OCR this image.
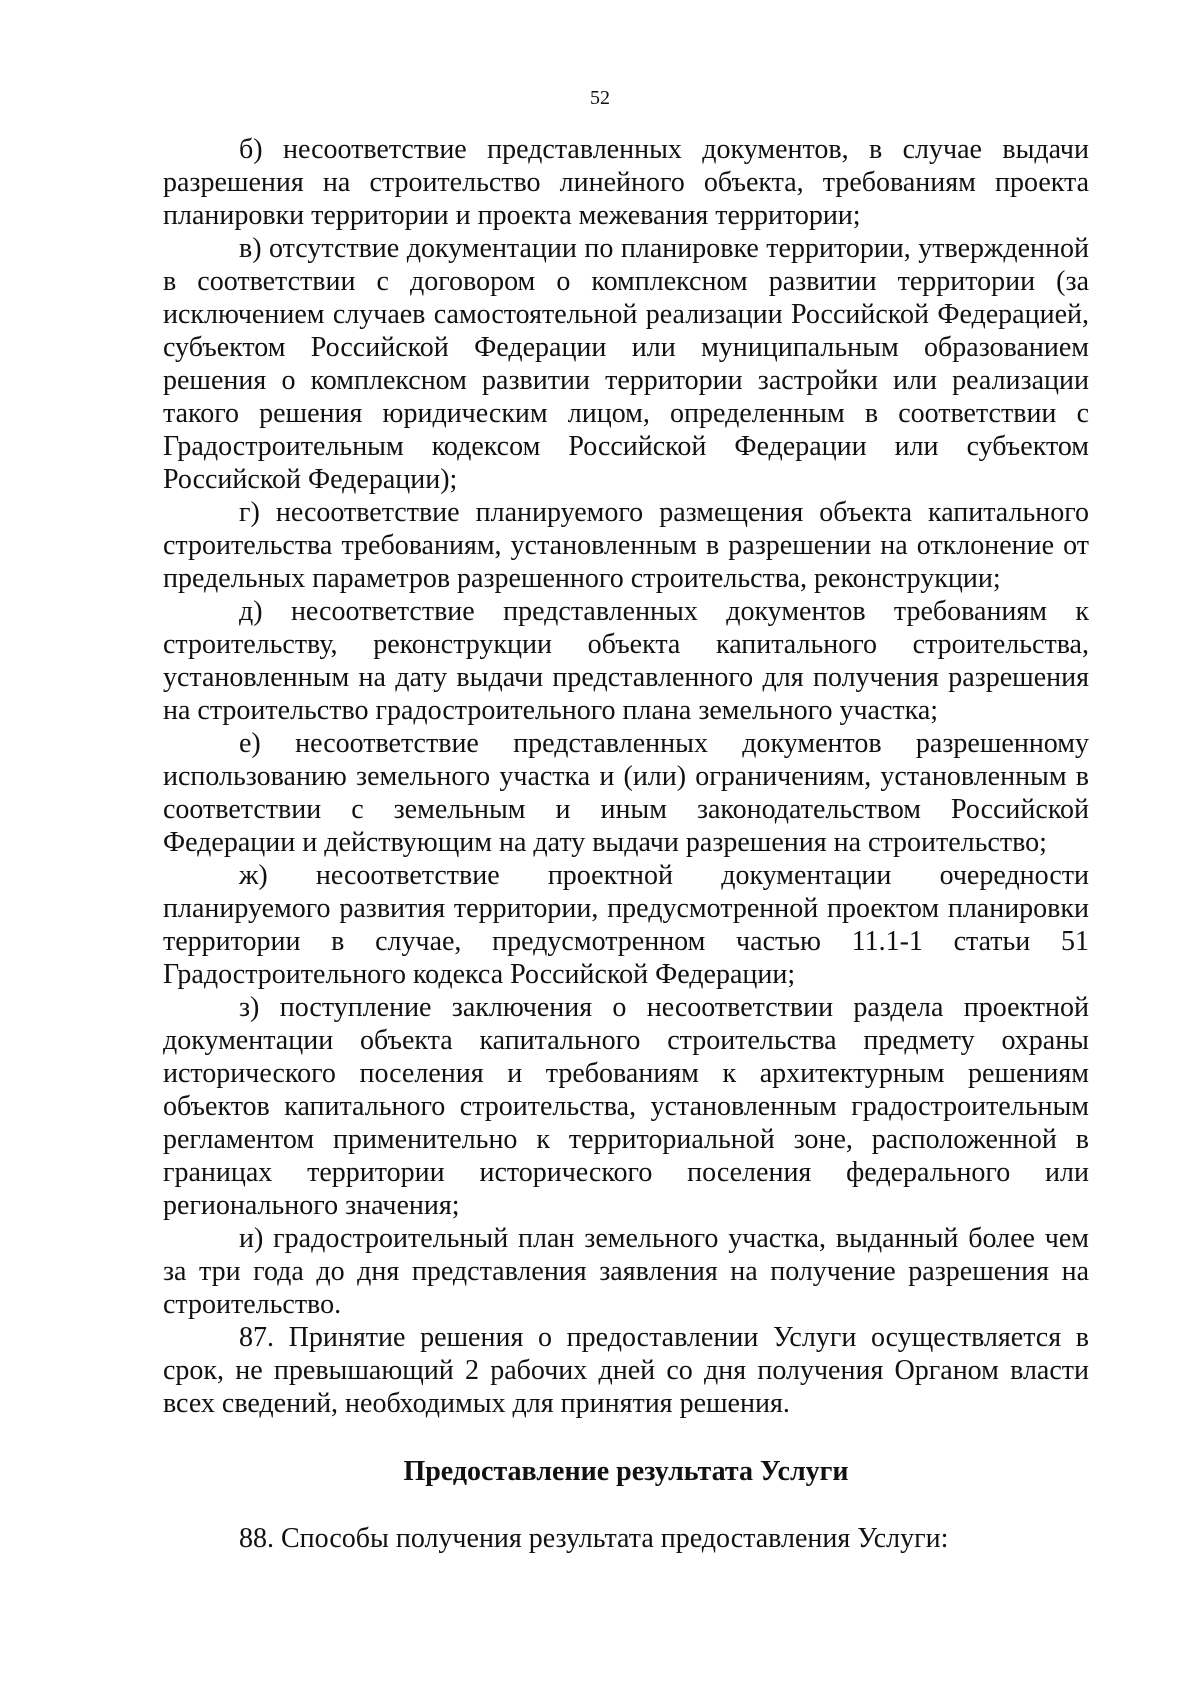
52

б) несоответствие представленных документов, в случае выдачи разрешения на строительство линейного объекта, требованиям проекта планировки территории и проекта межевания территории;

в) отсутствие документации по планировке территории, утвержденной в соответствии с договором о комплексном развитии территории (за исключением случаев самостоятельной реализации Российской Федерацией, субъектом Российской Федерации или муниципальным образованием решения о комплексном развитии территории застройки или реализации такого решения юридическим лицом, определенным в соответствии с Градостроительным кодексом Российской Федерации или субъектом Российской Федерации);

г) несоответствие планируемого размещения объекта капитального строительства требованиям, установленным в разрешении на отклонение от предельных параметров разрешенного строительства, реконструкции;

д) несоответствие представленных документов требованиям к строительству, реконструкции объекта капитального строительства, установленным на дату выдачи представленного для получения разрешения на строительство градостроительного плана земельного участка;

е) несоответствие представленных документов разрешенному использованию земельного участка и (или) ограничениям, установленным в соответствии с земельным и иным законодательством Российской Федерации и действующим на дату выдачи разрешения на строительство;

ж) несоответствие проектной документации очередности планируемого развития территории, предусмотренной проектом планировки территории в случае, предусмотренном частью 11.1-1 статьи 51 Градостроительного кодекса Российской Федерации;

з) поступление заключения о несоответствии раздела проектной документации объекта капитального строительства предмету охраны исторического поселения и требованиям к архитектурным решениям объектов капитального строительства, установленным градостроительным регламентом применительно к территориальной зоне, расположенной в границах территории исторического поселения федерального или регионального значения;

и) градостроительный план земельного участка, выданный более чем за три года до дня представления заявления на получение разрешения на строительство.

87. Принятие решения о предоставлении Услуги осуществляется в срок, не превышающий 2 рабочих дней со дня получения Органом власти всех сведений, необходимых для принятия решения.

Предоставление результата Услуги

88. Способы получения результата предоставления Услуги:
